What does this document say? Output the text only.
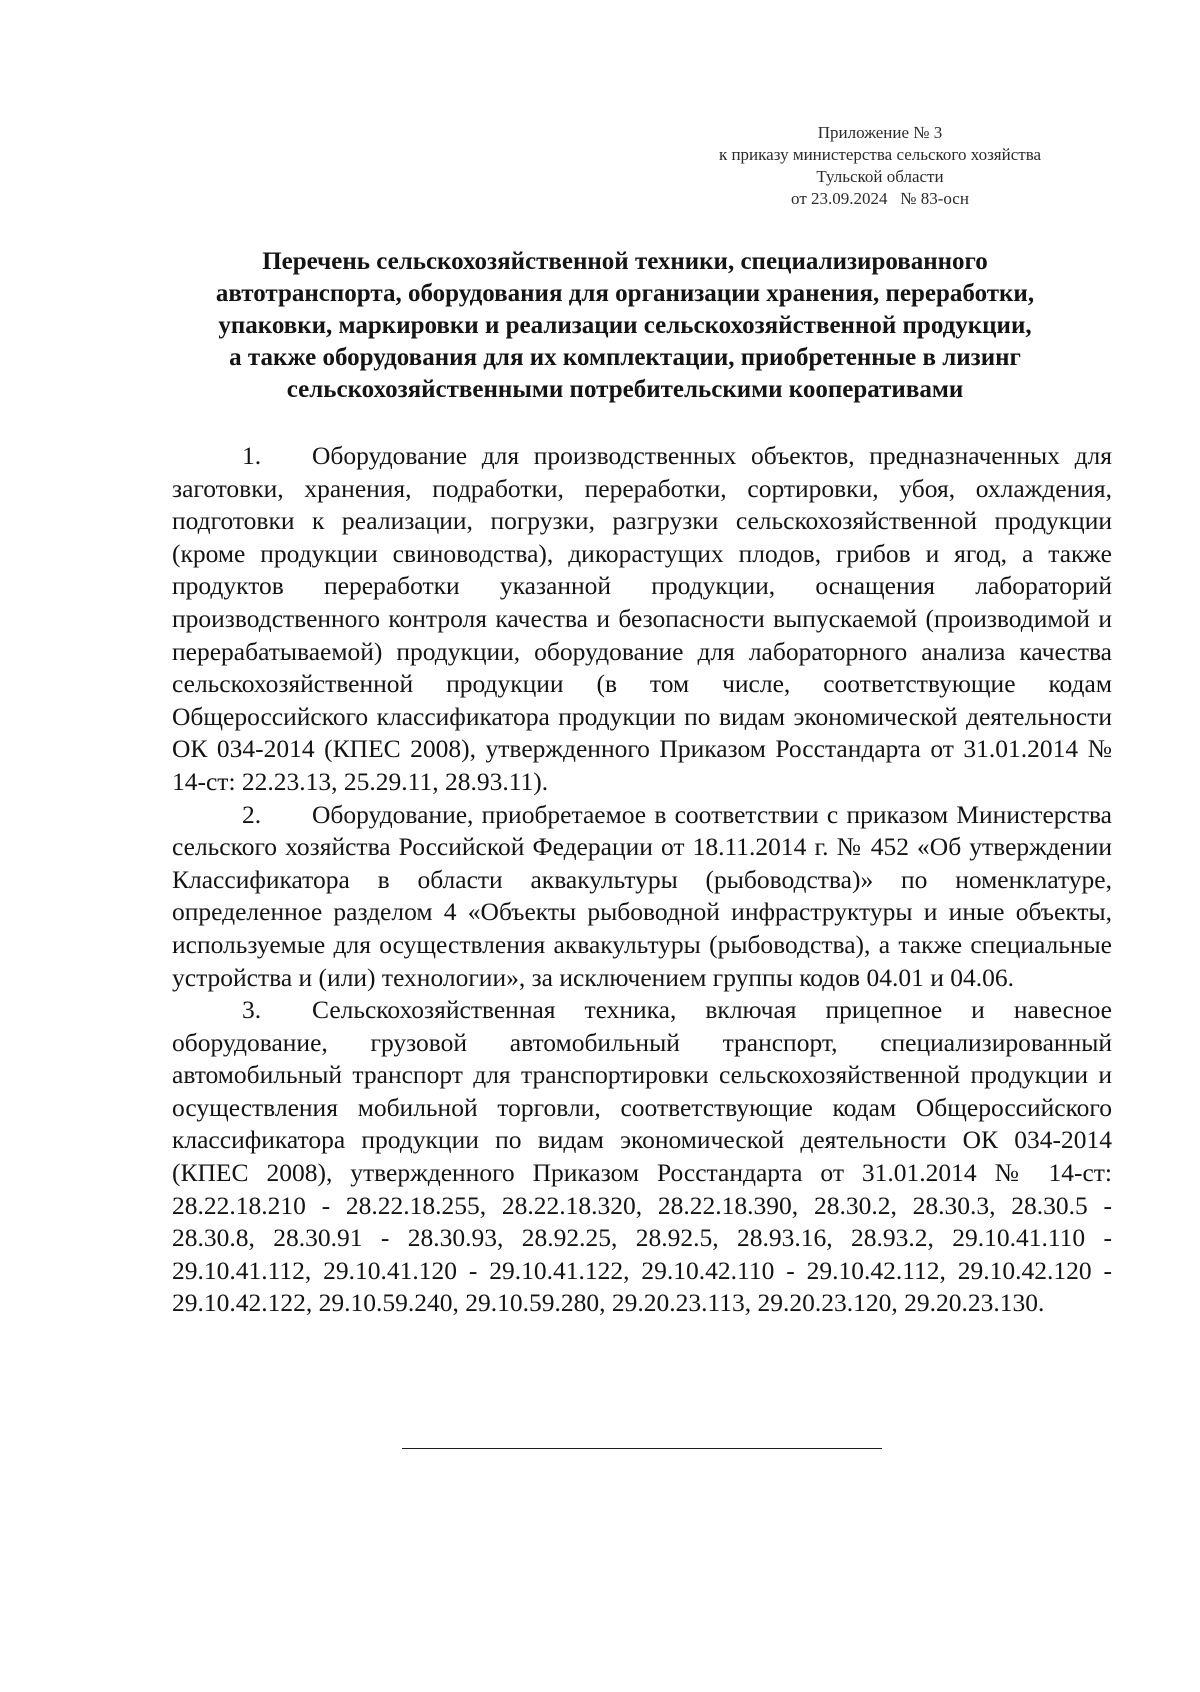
Приложение № 3
к приказу министерства сельского хозяйства
Тульской области
от 23.09.2024   № 83-осн
Перечень сельскохозяйственной техники, специализированного
автотранспорта, оборудования для организации хранения, переработки,
упаковки, маркировки и реализации сельскохозяйственной продукции,
а также оборудования для их комплектации, приобретенные в лизинг
сельскохозяйственными потребительскими кооперативами

1. Оборудование для производственных объектов, предназначенных для заготовки, хранения, подработки, переработки, сортировки, убоя, охлаждения, подготовки к реализации, погрузки, разгрузки сельскохозяйственной продукции (кроме продукции свиноводства), дикорастущих плодов, грибов и ягод, а также продуктов переработки указанной продукции, оснащения лабораторий производственного контроля качества и безопасности выпускаемой (производимой и перерабатываемой) продукции, оборудование для лабораторного анализа качества сельскохозяйственной продукции (в том числе, соответствующие кодам Общероссийского классификатора продукции по видам экономической деятельности ОК 034-2014 (КПЕС 2008), утвержденного Приказом Росстандарта от 31.01.2014 № 14-ст: 22.23.13, 25.29.11, 28.93.11).

2. Оборудование, приобретаемое в соответствии с приказом Министерства сельского хозяйства Российской Федерации от 18.11.2014 г. № 452 «Об утверждении Классификатора в области аквакультуры (рыбоводства)» по номенклатуре, определенное разделом 4 «Объекты рыбоводной инфраструктуры и иные объекты, используемые для осуществления аквакультуры (рыбоводства), а также специальные устройства и (или) технологии», за исключением группы кодов 04.01 и 04.06.

3. Сельскохозяйственная техника, включая прицепное и навесное оборудование, грузовой автомобильный транспорт, специализированный автомобильный транспорт для транспортировки сельскохозяйственной продукции и осуществления мобильной торговли, соответствующие кодам Общероссийского классификатора продукции по видам экономической деятельности ОК 034-2014 (КПЕС 2008), утвержденного Приказом Росстандарта от 31.01.2014 № 14-ст: 28.22.18.210 - 28.22.18.255, 28.22.18.320, 28.22.18.390, 28.30.2, 28.30.3, 28.30.5 - 28.30.8, 28.30.91 - 28.30.93, 28.92.25, 28.92.5, 28.93.16, 28.93.2, 29.10.41.110 - 29.10.41.112, 29.10.41.120 - 29.10.41.122, 29.10.42.110 - 29.10.42.112, 29.10.42.120 - 29.10.42.122, 29.10.59.240, 29.10.59.280, 29.20.23.113, 29.20.23.120, 29.20.23.130.
